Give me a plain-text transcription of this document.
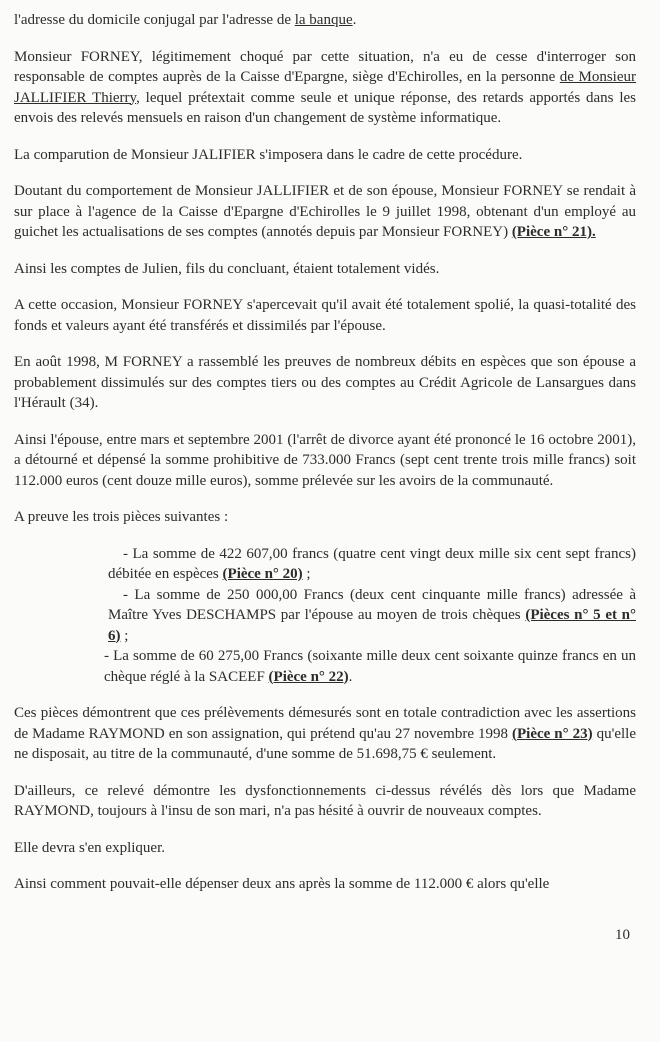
l'adresse du domicile conjugal par l'adresse de la banque.

Monsieur FORNEY, légitimement choqué par cette situation, n'a eu de cesse d'interroger son responsable de comptes auprès de la Caisse d'Epargne, siège d'Echirolles, en la personne de Monsieur JALLIFIER Thierry, lequel prétextait comme seule et unique réponse, des retards apportés dans les envois des relevés mensuels en raison d'un changement de système informatique.

La comparution de Monsieur JALIFIER s'imposera dans le cadre de cette procédure.

Doutant du comportement de Monsieur JALLIFIER et de son épouse, Monsieur FORNEY se rendait à sur place à l'agence de la Caisse d'Epargne d'Echirolles le 9 juillet 1998, obtenant d'un employé au guichet les actualisations de ses comptes (annotés depuis par Monsieur FORNEY) (Pièce n° 21).

Ainsi les comptes de Julien, fils du concluant, étaient totalement vidés.

A cette occasion, Monsieur FORNEY s'apercevait qu'il avait été totalement spolié, la quasi-totalité des fonds et valeurs ayant été transférés et dissimilés par l'épouse.

En août 1998, M FORNEY a rassemblé les preuves de nombreux débits en espèces que son épouse a probablement dissimulés sur des comptes tiers ou des comptes au Crédit Agricole de Lansargues dans l'Hérault (34).

Ainsi l'épouse, entre mars et septembre 2001 (l'arrêt de divorce ayant été prononcé le 16 octobre 2001), a détourné et dépensé la somme prohibitive de 733.000 Francs (sept cent trente trois mille francs) soit 112.000 euros (cent douze mille euros), somme prélevée sur les avoirs de la communauté.

A preuve les trois pièces suivantes :

- La somme de 422 607,00 francs (quatre cent vingt deux mille six cent sept francs) débitée en espèces (Pièce n° 20) ;

- La somme de 250 000,00 Francs (deux cent cinquante mille francs) adressée à Maître Yves DESCHAMPS par l'épouse au moyen de trois chèques (Pièces n° 5 et n° 6) ;

- La somme de 60 275,00 Francs (soixante mille deux cent soixante quinze francs en un chèque réglé à la SACEEF (Pièce n° 22).

Ces pièces démontrent que ces prélèvements démesurés sont en totale contradiction avec les assertions de Madame RAYMOND en son assignation, qui prétend qu'au 27 novembre 1998 (Pièce n° 23) qu'elle ne disposait, au titre de la communauté, d'une somme de 51.698,75 € seulement.

D'ailleurs, ce relevé démontre les dysfonctionnements ci-dessus révélés dès lors que Madame RAYMOND, toujours à l'insu de son mari, n'a pas hésité à ouvrir de nouveaux comptes.

Elle devra s'en expliquer.

Ainsi comment pouvait-elle dépenser deux ans après la somme de 112.000 € alors qu'elle

10
